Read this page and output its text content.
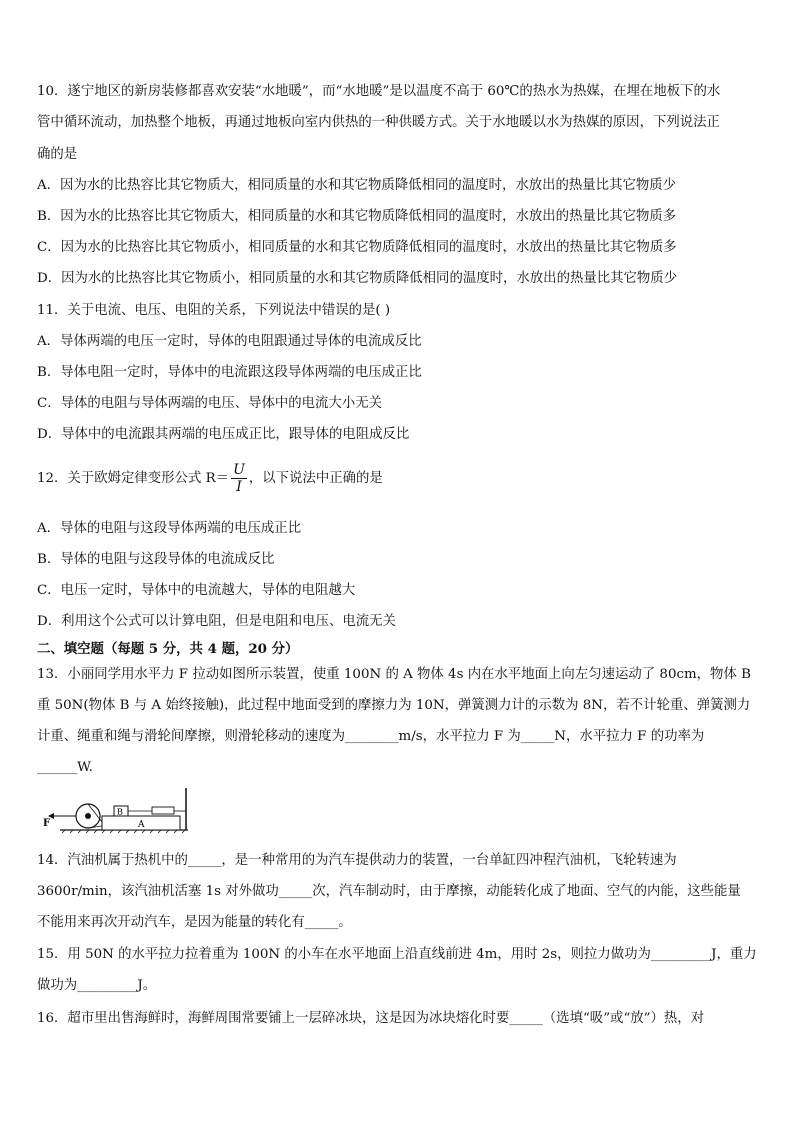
10．遂宁地区的新房装修都喜欢安装“水地暖”，而“水地暖”是以温度不高于 60℃的热水为热媒，在埋在地板下的水
管中循环流动，加热整个地板，再通过地板向室内供热的一种供暖方式。关于水地暖以水为热媒的原因，下列说法正
确的是
A．因为水的比热容比其它物质大，相同质量的水和其它物质降低相同的温度时，水放出的热量比其它物质少
B．因为水的比热容比其它物质大，相同质量的水和其它物质降低相同的温度时，水放出的热量比其它物质多
C．因为水的比热容比其它物质小，相同质量的水和其它物质降低相同的温度时，水放出的热量比其它物质多
D．因为水的比热容比其它物质小，相同质量的水和其它物质降低相同的温度时，水放出的热量比其它物质少
11．关于电流、电压、电阻的关系，下列说法中错误的是( )
A．导体两端的电压一定时，导体的电阻跟通过导体的电流成反比
B．导体电阻一定时，导体中的电流跟这段导体两端的电压成正比
C．导体的电阻与导体两端的电压、导体中的电流大小无关
D．导体中的电流跟其两端的电压成正比，跟导体的电阻成反比
12．关于欧姆定律变形公式 $R= \frac{U}{I}$ ，以下说法中正确的是
A．导体的电阻与这段导体两端的电压成正比
B．导体的电阻与这段导体的电流成反比
C．电压一定时，导体中的电流越大，导体的电阻越大
D．利用这个公式可以计算电阻，但是电阻和电压、电流无关
二、填空题（每题 5 分，共 4 题，20 分）
13．小丽同学用水平力 F 拉动如图所示装置，使重 100N 的 A 物体 4s 内在水平地面上向左匀速运动了 80cm，物体 B
重 50N(物体 B 与 A 始终接触)，此过程中地面受到的摩擦力为 10N，弹簧测力计的示数为 8N，若不计轮重、弹簧测力
计重、绳重和绳与滑轮间摩擦，则滑轮移动的速度为________m/s，水平拉力 F 为_____N，水平拉力 F 的功率为
______W.
A
B
F
14．汽油机属于热机中的_____，是一种常用的为汽车提供动力的装置，一台单缸四冲程汽油机，飞轮转速为
3600r/min，该汽油机活塞 1s 对外做功_____次，汽车制动时，由于摩擦，动能转化成了地面、空气的内能，这些能量
不能用来再次开动汽车，是因为能量的转化有_____。
15．用 50N 的水平拉力拉着重为 100N 的小车在水平地面上沿直线前进 4m，用时 2s，则拉力做功为_________J，重力
做功为_________J。
16．超市里出售海鲜时，海鲜周围常要铺上一层碎冰块，这是因为冰块熔化时要_____（选填“吸”或“放”）热，对
